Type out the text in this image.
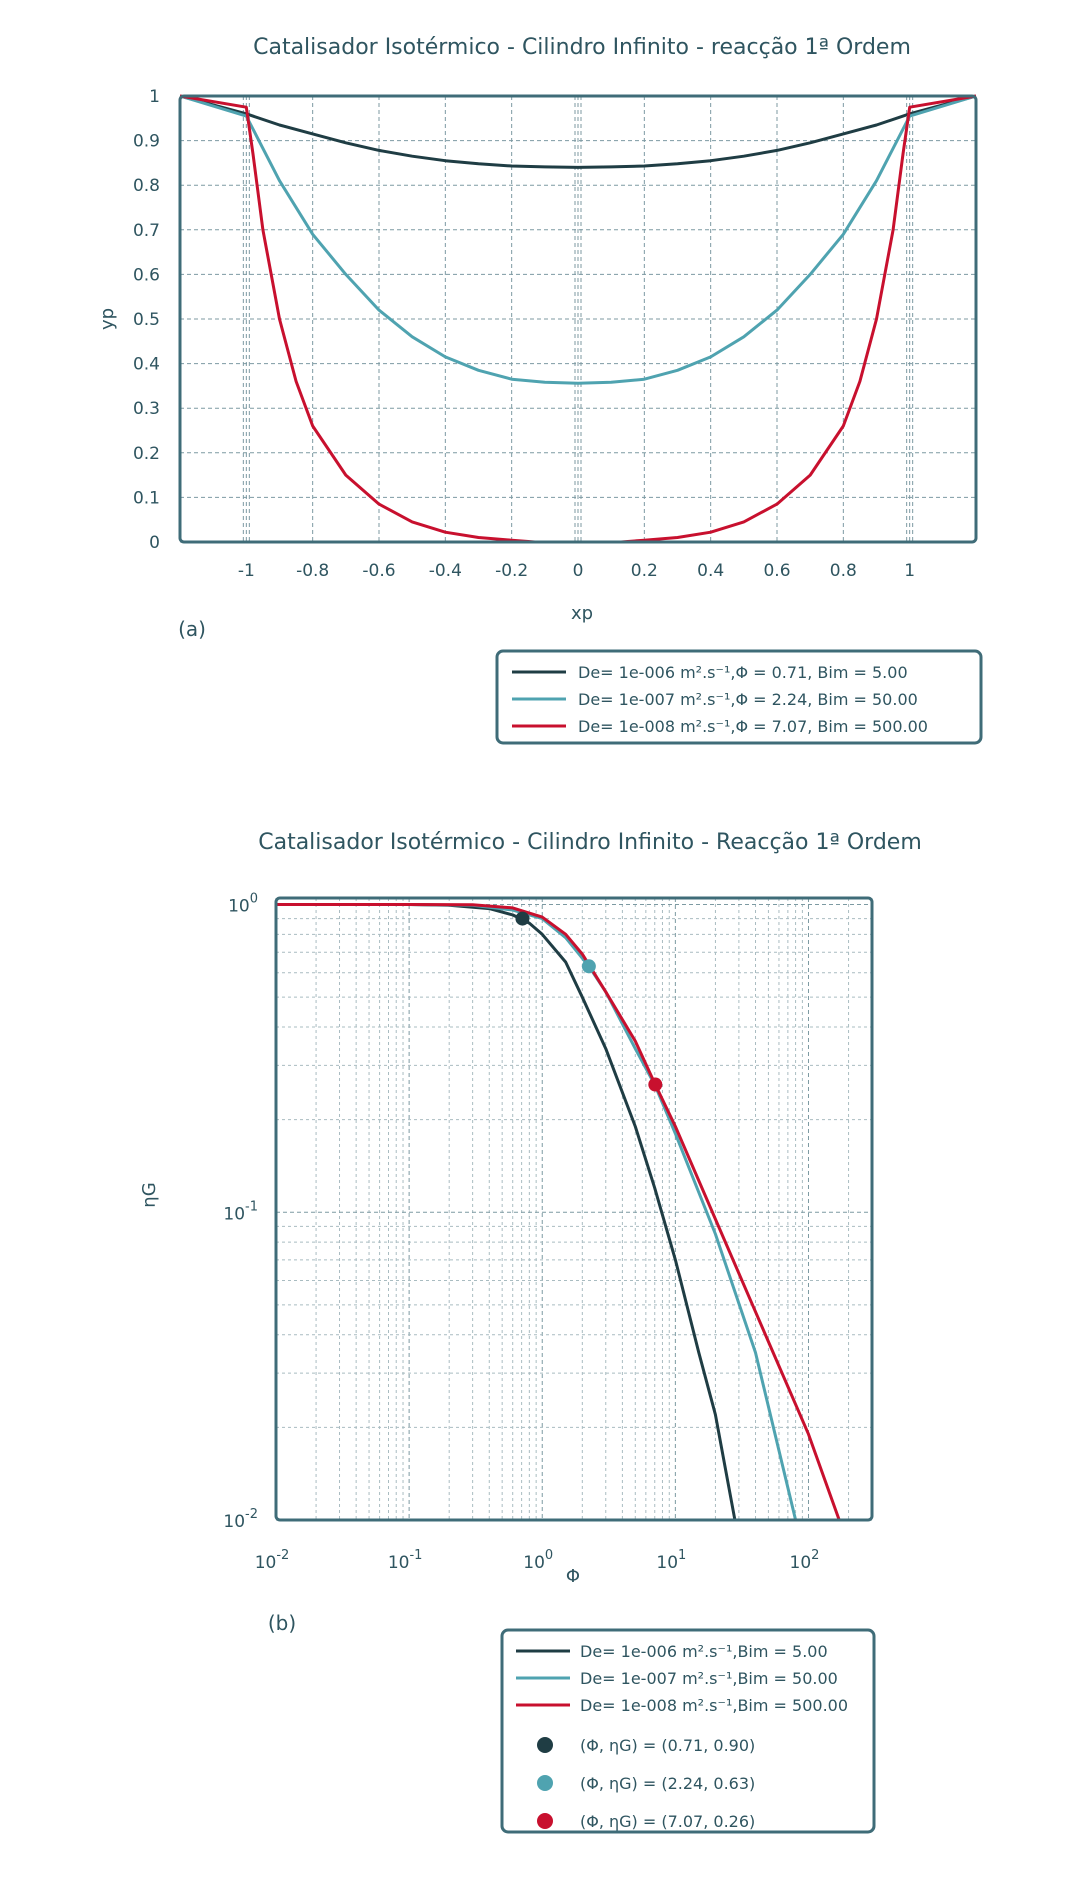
Catalisador Isotérmico - Cilindro Infinito - reacção 1ª Ordem
-1 -0.8 -0.6 -0.4 -0.2	0	0.2 0.4 0.6 0.8	1
0
0.1
0.2
0.3
0.4
0.5
0.6
0.7
0.8
0.9
1
xp
yp
(a)
De= 1e-006 m².s⁻¹,Φ = 0.71, Bim = 5.00
De= 1e-007 m².s⁻¹,Φ = 2.24, Bim = 50.00
De= 1e-008 m².s⁻¹,Φ = 7.07, Bim = 500.00
Catalisador Isotérmico - Cilindro Infinito - Reacção 1ª Ordem
$10^{-2}$	$10^{-1}$	$10^0$	$10^1$	$10^2$
$10^{-2}$
$10^{-1}$
$10^0$
Φ
ηG
(b)
De= 1e-006 m².s⁻¹,Bim = 5.00
De= 1e-007 m².s⁻¹,Bim = 50.00
De= 1e-008 m².s⁻¹,Bim = 500.00
(Φ, ηG) = (0.71, 0.90)
(Φ, ηG) = (2.24, 0.63)
(Φ, ηG) = (7.07, 0.26)
